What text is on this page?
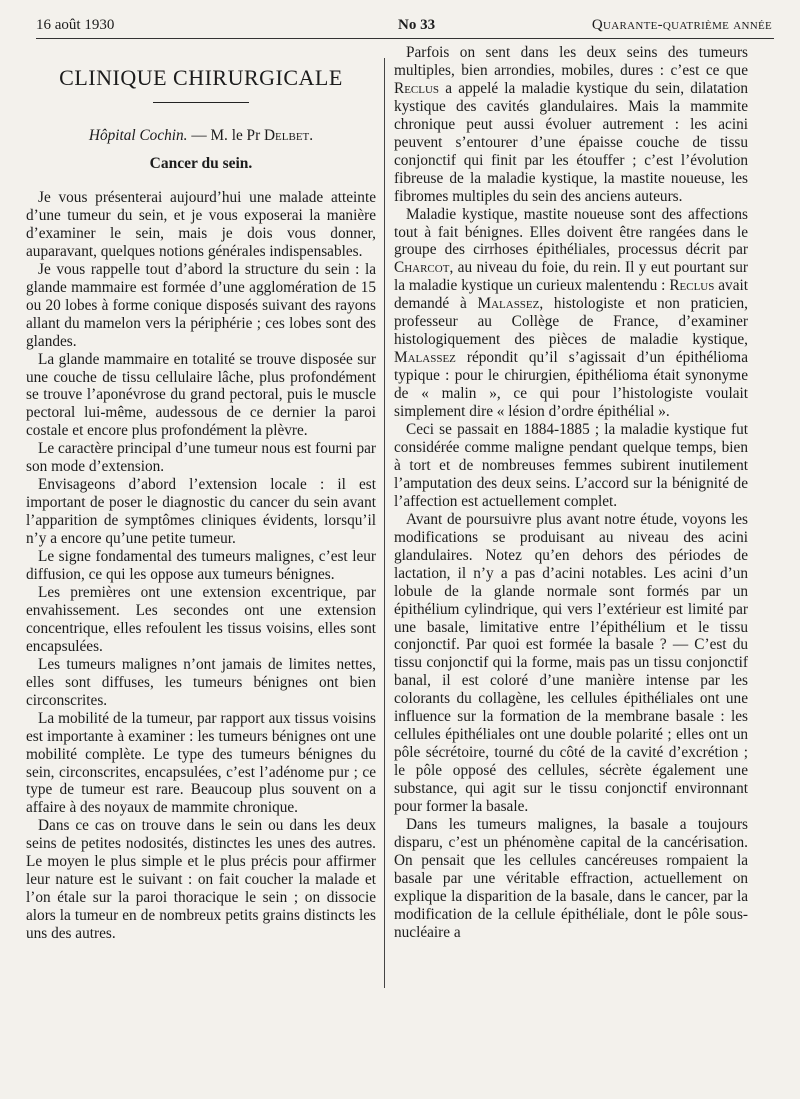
16 août 1930	No 33	Quarante-quatrième année
CLINIQUE CHIRURGICALE
Hôpital Cochin. — M. le Pr Delbet.
Cancer du sein.

Je vous présenterai aujourd’hui une malade atteinte d’une tumeur du sein, et je vous exposerai la manière d’examiner le sein, mais je dois vous donner, auparavant, quelques notions générales indispensables.

Je vous rappelle tout d’abord la structure du sein : la glande mammaire est formée d’une agglomération de 15 ou 20 lobes à forme conique disposés suivant des rayons allant du mamelon vers la périphérie ; ces lobes sont des glandes.

La glande mammaire en totalité se trouve disposée sur une couche de tissu cellulaire lâche, plus profondément se trouve l’aponévrose du grand pectoral, puis le muscle pectoral lui-même, audessous de ce dernier la paroi costale et encore plus profondément la plèvre.

Le caractère principal d’une tumeur nous est fourni par son mode d’extension.

Envisageons d’abord l’extension locale : il est important de poser le diagnostic du cancer du sein avant l’apparition de symptômes cliniques évidents, lorsqu’il n’y a encore qu’une petite tumeur.

Le signe fondamental des tumeurs malignes, c’est leur diffusion, ce qui les oppose aux tumeurs bénignes.

Les premières ont une extension excentrique, par envahissement. Les secondes ont une extension concentrique, elles refoulent les tissus voisins, elles sont encapsulées.

Les tumeurs malignes n’ont jamais de limites nettes, elles sont diffuses, les tumeurs bénignes ont bien circonscrites.

La mobilité de la tumeur, par rapport aux tissus voisins est importante à examiner : les tumeurs bénignes ont une mobilité complète. Le type des tumeurs bénignes du sein, circonscrites, encapsulées, c’est l’adénome pur ; ce type de tumeur est rare. Beaucoup plus souvent on a affaire à des noyaux de mammite chronique.

Dans ce cas on trouve dans le sein ou dans les deux seins de petites nodosités, distinctes les unes des autres. Le moyen le plus simple et le plus précis pour affirmer leur nature est le suivant : on fait coucher la malade et l’on étale sur la paroi thoracique le sein ; on dissocie alors la tumeur en de nombreux petits grains distincts les uns des autres.

Parfois on sent dans les deux seins des tumeurs multiples, bien arrondies, mobiles, dures : c’est ce que Reclus a appelé la maladie kystique du sein, dilatation kystique des cavités glandulaires. Mais la mammite chronique peut aussi évoluer autrement : les acini peuvent s’entourer d’une épaisse couche de tissu conjonctif qui finit par les étouffer ; c’est l’évolution fibreuse de la maladie kystique, la mastite noueuse, les fibromes multiples du sein des anciens auteurs.

Maladie kystique, mastite noueuse sont des affections tout à fait bénignes. Elles doivent être rangées dans le groupe des cirrhoses épithéliales, processus décrit par Charcot, au niveau du foie, du rein. Il y eut pourtant sur la maladie kystique un curieux malentendu : Reclus avait demandé à Malassez, histologiste et non praticien, professeur au Collège de France, d’examiner histologiquement des pièces de maladie kystique, Malassez répondit qu’il s’agissait d’un épithélioma typique : pour le chirurgien, épithélioma était synonyme de « malin », ce qui pour l’histologiste voulait simplement dire « lésion d’ordre épithélial ».

Ceci se passait en 1884-1885 ; la maladie kystique fut considérée comme maligne pendant quelque temps, bien à tort et de nombreuses femmes subirent inutilement l’amputation des deux seins. L’accord sur la bénignité de l’affection est actuellement complet.

Avant de poursuivre plus avant notre étude, voyons les modifications se produisant au niveau des acini glandulaires. Notez qu’en dehors des périodes de lactation, il n’y a pas d’acini notables. Les acini d’un lobule de la glande normale sont formés par un épithélium cylindrique, qui vers l’extérieur est limité par une basale, limitative entre l’épithélium et le tissu conjonctif. Par quoi est formée la basale ? — C’est du tissu conjonctif qui la forme, mais pas un tissu conjonctif banal, il est coloré d’une manière intense par les colorants du collagène, les cellules épithéliales ont une influence sur la formation de la membrane basale : les cellules épithéliales ont une double polarité ; elles ont un pôle sécrétoire, tourné du côté de la cavité d’excrétion ; le pôle opposé des cellules, sécrète également une substance, qui agit sur le tissu conjonctif environnant pour former la basale.

Dans les tumeurs malignes, la basale a toujours disparu, c’est un phénomène capital de la cancérisation. On pensait que les cellules cancéreuses rompaient la basale par une véritable effraction, actuellement on explique la disparition de la basale, dans le cancer, par la modification de la cellule épithéliale, dont le pôle sous-nucléaire a
